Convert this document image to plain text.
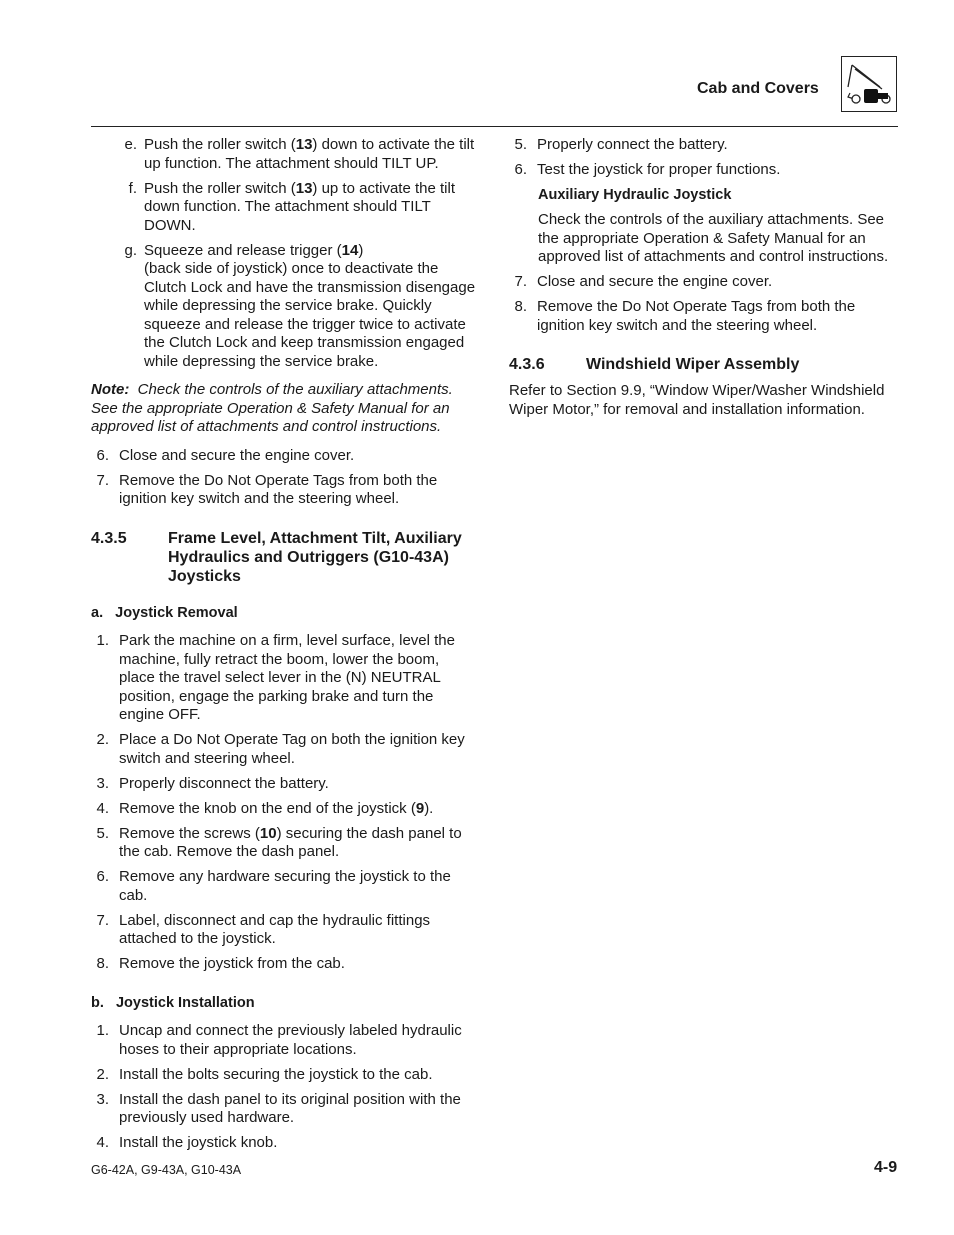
Cab and Covers
e. Push the roller switch (13) down to activate the tilt up function. The attachment should TILT UP.
f. Push the roller switch (13) up to activate the tilt down function. The attachment should TILT DOWN.
g. Squeeze and release trigger (14)
(back side of joystick) once to deactivate the Clutch Lock and have the transmission disengage while depressing the service brake. Quickly squeeze and release the trigger twice to activate the Clutch Lock and keep transmission engaged while depressing the service brake.
Note: Check the controls of the auxiliary attachments. See the appropriate Operation & Safety Manual for an approved list of attachments and control instructions.
6. Close and secure the engine cover.
7. Remove the Do Not Operate Tags from both the ignition key switch and the steering wheel.
4.3.5	Frame Level, Attachment Tilt, Auxiliary Hydraulics and Outriggers (G10-43A) Joysticks
a.   Joystick Removal
1. Park the machine on a firm, level surface, level the machine, fully retract the boom, lower the boom, place the travel select lever in the (N) NEUTRAL position, engage the parking brake and turn the engine OFF.
2. Place a Do Not Operate Tag on both the ignition key switch and steering wheel.
3. Properly disconnect the battery.
4. Remove the knob on the end of the joystick (9).
5. Remove the screws (10) securing the dash panel to the cab. Remove the dash panel.
6. Remove any hardware securing the joystick to the cab.
7. Label, disconnect and cap the hydraulic fittings attached to the joystick.
8. Remove the joystick from the cab.
b.   Joystick Installation
1. Uncap and connect the previously labeled hydraulic hoses to their appropriate locations.
2. Install the bolts securing the joystick to the cab.
3. Install the dash panel to its original position with the previously used hardware.
4. Install the joystick knob.
5. Properly connect the battery.
6. Test the joystick for proper functions.
Auxiliary Hydraulic Joystick
Check the controls of the auxiliary attachments. See the appropriate Operation & Safety Manual for an approved list of attachments and control instructions.
7. Close and secure the engine cover.
8. Remove the Do Not Operate Tags from both the ignition key switch and the steering wheel.
4.3.6	Windshield Wiper Assembly
Refer to Section 9.9, “Window Wiper/Washer Windshield Wiper Motor,” for removal and installation information.
G6-42A, G9-43A, G10-43A	4-9
